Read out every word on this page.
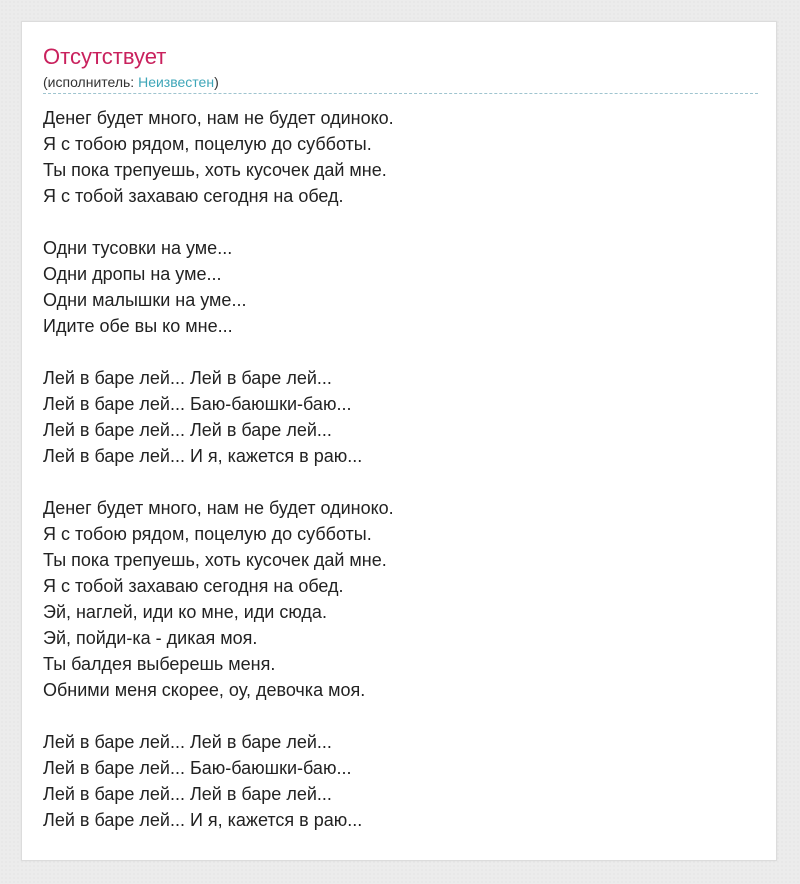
Отсутствует
(исполнитель: Неизвестен)
Денег будет много, нам не будет одиноко.
Я с тобою рядом, поцелую до субботы.
Ты пока трепуешь, хоть кусочек дай мне.
Я с тобой захаваю сегодня на обед.
Одни тусовки на уме...
Одни дропы на уме...
Одни малышки на уме...
Идите обе вы ко мне...
Лей в баре лей... Лей в баре лей...
Лей в баре лей... Баю-баюшки-баю...
Лей в баре лей... Лей в баре лей...
Лей в баре лей... И я, кажется в раю...
Денег будет много, нам не будет одиноко.
Я с тобою рядом, поцелую до субботы.
Ты пока трепуешь, хоть кусочек дай мне.
Я с тобой захаваю сегодня на обед.
Эй, наглей, иди ко мне, иди сюда.
Эй, пойди-ка - дикая моя.
Ты балдея выберешь меня.
Обними меня скорее, оу, девочка моя.
Лей в баре лей... Лей в баре лей...
Лей в баре лей... Баю-баюшки-баю...
Лей в баре лей... Лей в баре лей...
Лей в баре лей... И я, кажется в раю...
